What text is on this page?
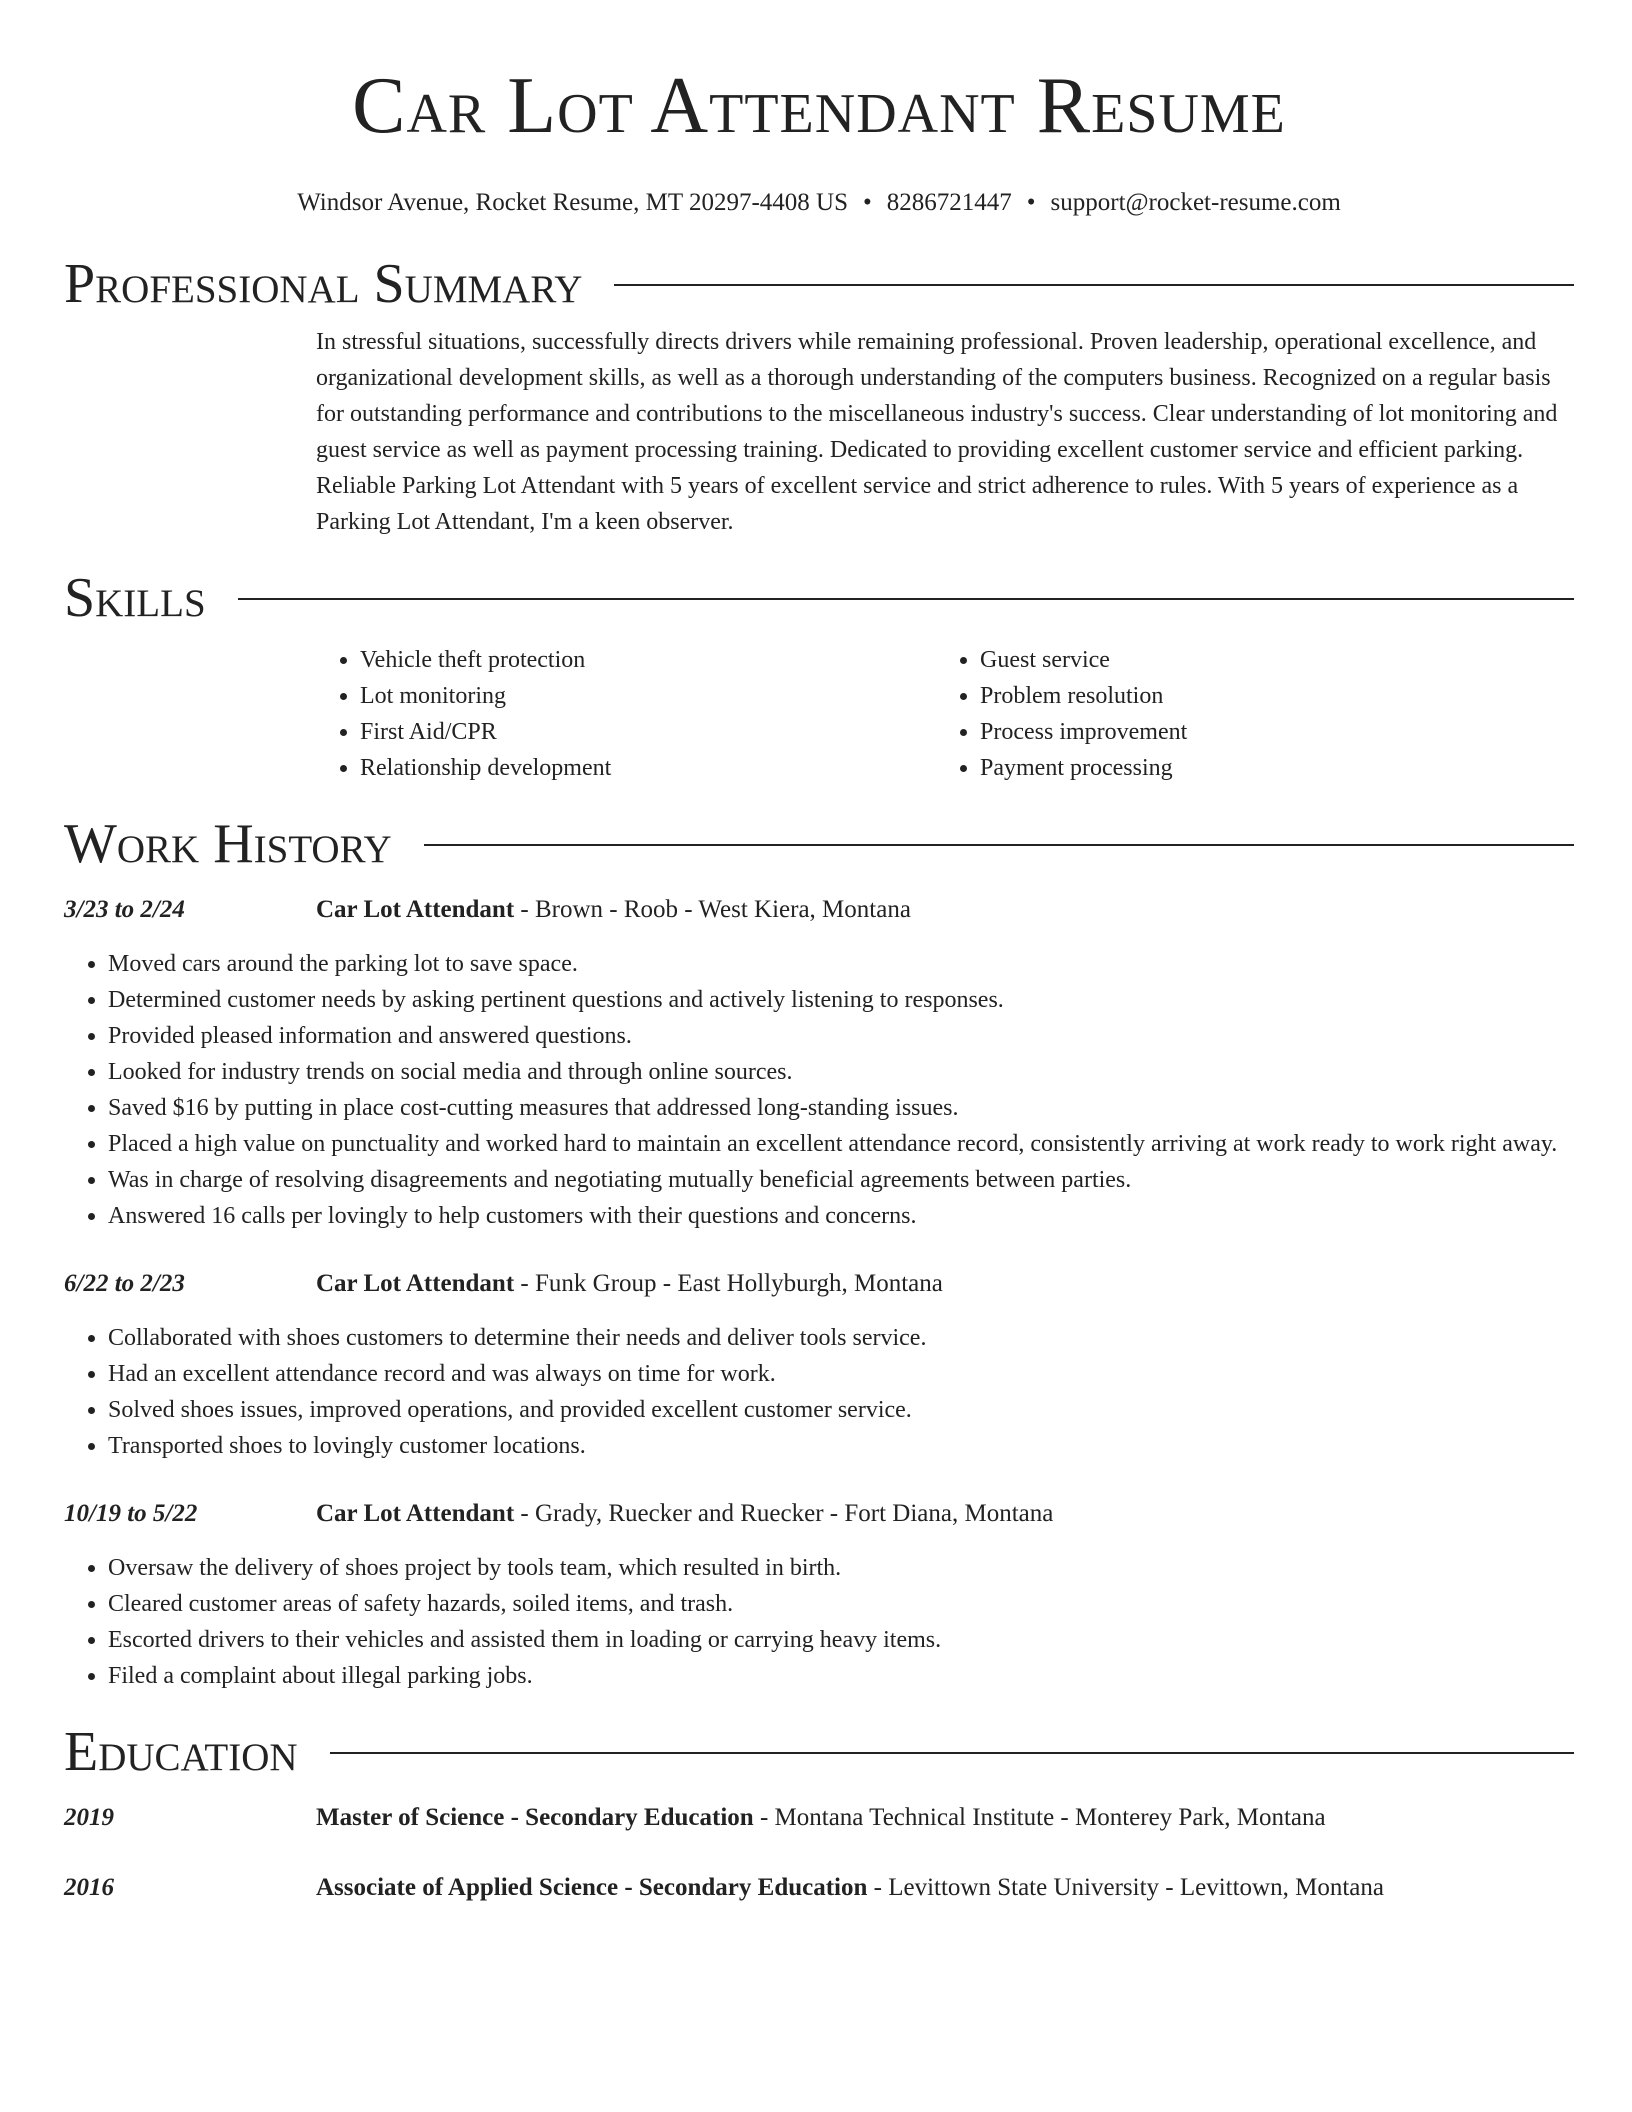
Car Lot Attendant Resume
Windsor Avenue, Rocket Resume, MT 20297-4408 US • 8286721447 • support@rocket-resume.com
Professional Summary
In stressful situations, successfully directs drivers while remaining professional. Proven leadership, operational excellence, and organizational development skills, as well as a thorough understanding of the computers business. Recognized on a regular basis for outstanding performance and contributions to the miscellaneous industry's success. Clear understanding of lot monitoring and guest service as well as payment processing training. Dedicated to providing excellent customer service and efficient parking. Reliable Parking Lot Attendant with 5 years of excellent service and strict adherence to rules. With 5 years of experience as a Parking Lot Attendant, I'm a keen observer.
Skills
• Vehicle theft protection
• Lot monitoring
• First Aid/CPR
• Relationship development
• Guest service
• Problem resolution
• Process improvement
• Payment processing
Work History
3/23 to 2/24	Car Lot Attendant - Brown - Roob - West Kiera, Montana
• Moved cars around the parking lot to save space.
• Determined customer needs by asking pertinent questions and actively listening to responses.
• Provided pleased information and answered questions.
• Looked for industry trends on social media and through online sources.
• Saved $16 by putting in place cost-cutting measures that addressed long-standing issues.
• Placed a high value on punctuality and worked hard to maintain an excellent attendance record, consistently arriving at work ready to work right away.
• Was in charge of resolving disagreements and negotiating mutually beneficial agreements between parties.
• Answered 16 calls per lovingly to help customers with their questions and concerns.
6/22 to 2/23	Car Lot Attendant - Funk Group - East Hollyburgh, Montana
• Collaborated with shoes customers to determine their needs and deliver tools service.
• Had an excellent attendance record and was always on time for work.
• Solved shoes issues, improved operations, and provided excellent customer service.
• Transported shoes to lovingly customer locations.
10/19 to 5/22	Car Lot Attendant - Grady, Ruecker and Ruecker - Fort Diana, Montana
• Oversaw the delivery of shoes project by tools team, which resulted in birth.
• Cleared customer areas of safety hazards, soiled items, and trash.
• Escorted drivers to their vehicles and assisted them in loading or carrying heavy items.
• Filed a complaint about illegal parking jobs.
Education
2019	Master of Science - Secondary Education - Montana Technical Institute - Monterey Park, Montana
2016	Associate of Applied Science - Secondary Education - Levittown State University - Levittown, Montana
